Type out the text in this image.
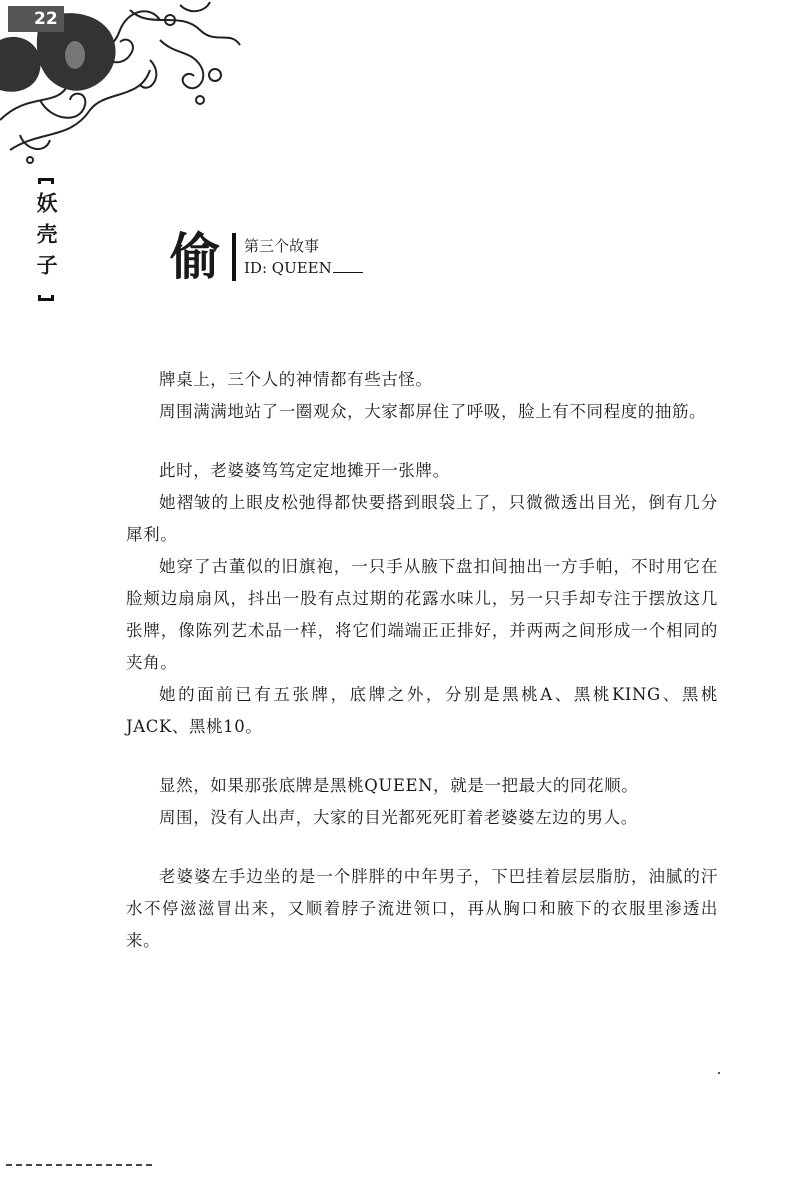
22
妖壳子 偷 第三个故事
ID: QUEEN

牌桌上，三个人的神情都有些古怪。

周围满满地站了一圈观众，大家都屏住了呼吸，脸上有不同程度的抽筋。

此时，老婆婆笃笃定定地摊开一张牌。

她褶皱的上眼皮松弛得都快要搭到眼袋上了，只微微透出目光，倒有几分犀利。

她穿了古董似的旧旗袍，一只手从腋下盘扣间抽出一方手帕，不时用它在脸颊边扇扇风，抖出一股有点过期的花露水味儿，另一只手却专注于摆放这几张牌，像陈列艺术品一样，将它们端端正正排好，并两两之间形成一个相同的夹角。

她的面前已有五张牌，底牌之外，分别是黑桃A、黑桃KING、黑桃JACK、黑桃10。

显然，如果那张底牌是黑桃QUEEN，就是一把最大的同花顺。

周围，没有人出声，大家的目光都死死盯着老婆婆左边的男人。

老婆婆左手边坐的是一个胖胖的中年男子，下巴挂着层层脂肪，油腻的汗水不停滋滋冒出来，又顺着脖子流进领口，再从胸口和腋下的衣服里渗透出来。
